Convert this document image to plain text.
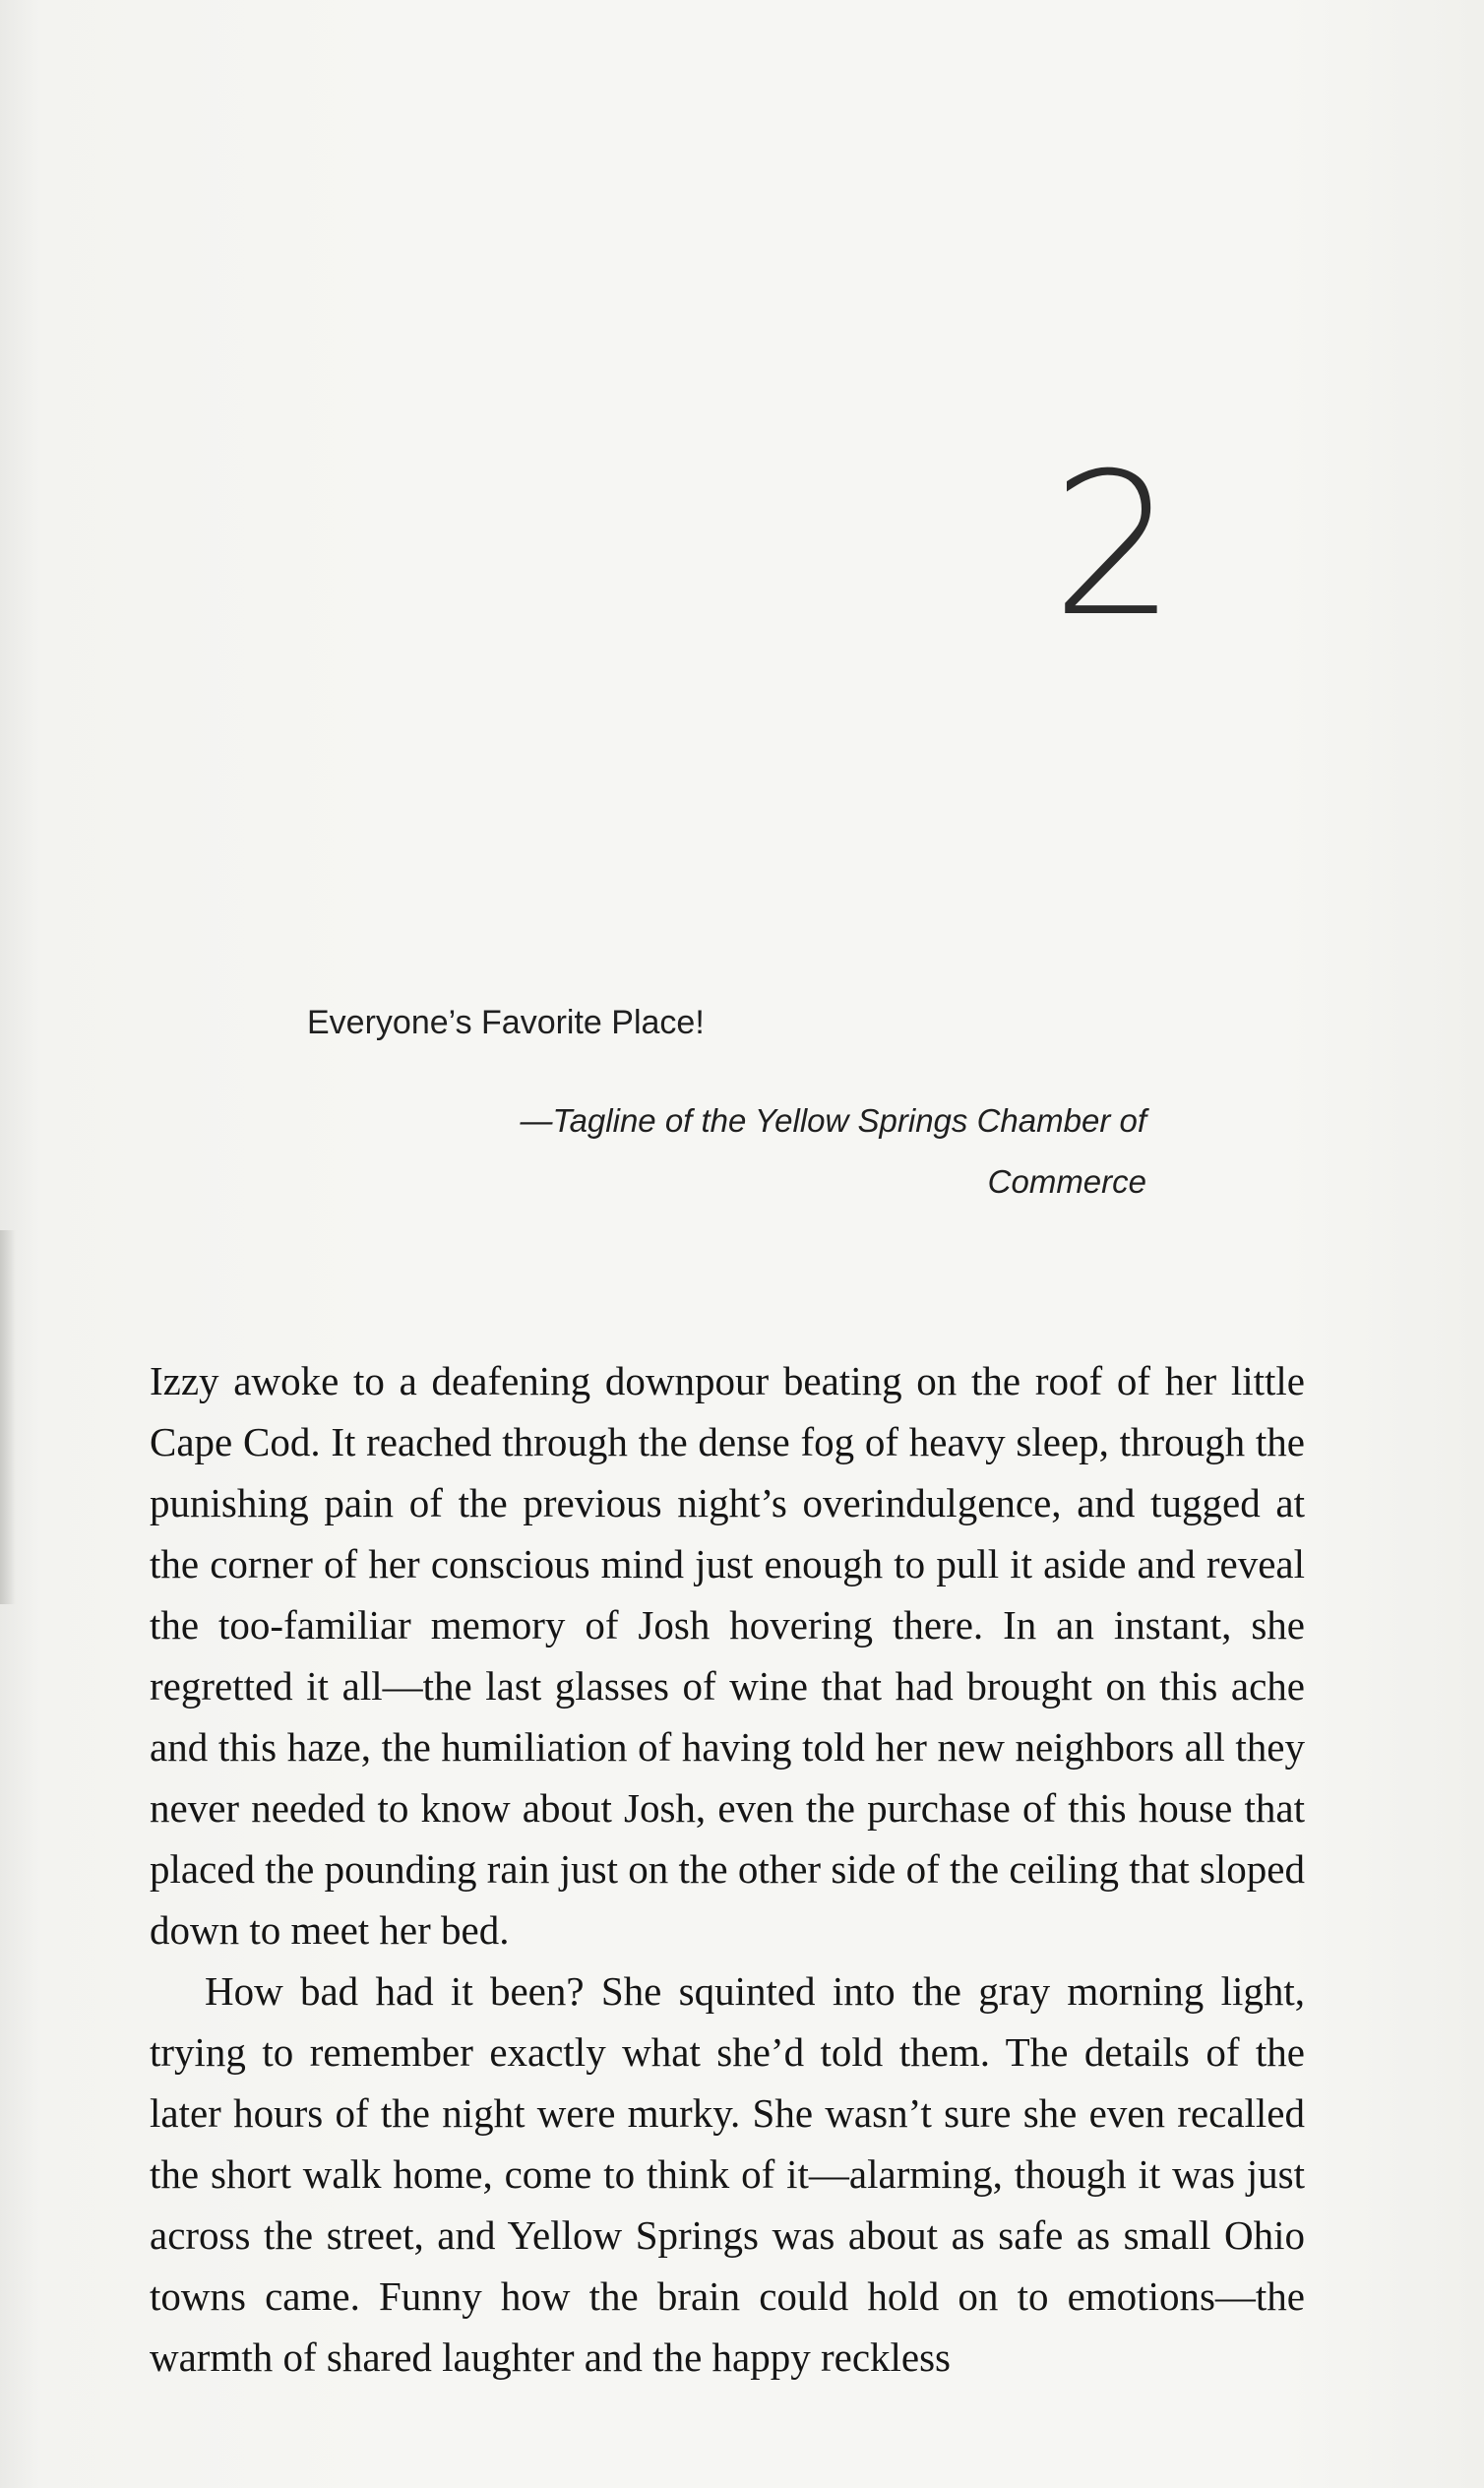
2
Everyone’s Favorite Place!
—Tagline of the Yellow Springs Chamber of
Commerce

Izzy awoke to a deafening downpour beating on the roof of her little Cape Cod. It reached through the dense fog of heavy sleep, through the punishing pain of the previous night’s overindulgence, and tugged at the corner of her conscious mind just enough to pull it aside and reveal the too-familiar memory of Josh hovering there. In an instant, she regretted it all—the last glasses of wine that had brought on this ache and this haze, the humiliation of having told her new neighbors all they never needed to know about Josh, even the purchase of this house that placed the pounding rain just on the other side of the ceiling that sloped down to meet her bed.

How bad had it been? She squinted into the gray morning light, trying to remember exactly what she’d told them. The details of the later hours of the night were murky. She wasn’t sure she even recalled the short walk home, come to think of it—alarming, though it was just across the street, and Yellow Springs was about as safe as small Ohio towns came. Funny how the brain could hold on to emotions—the warmth of shared laughter and the happy reckless
